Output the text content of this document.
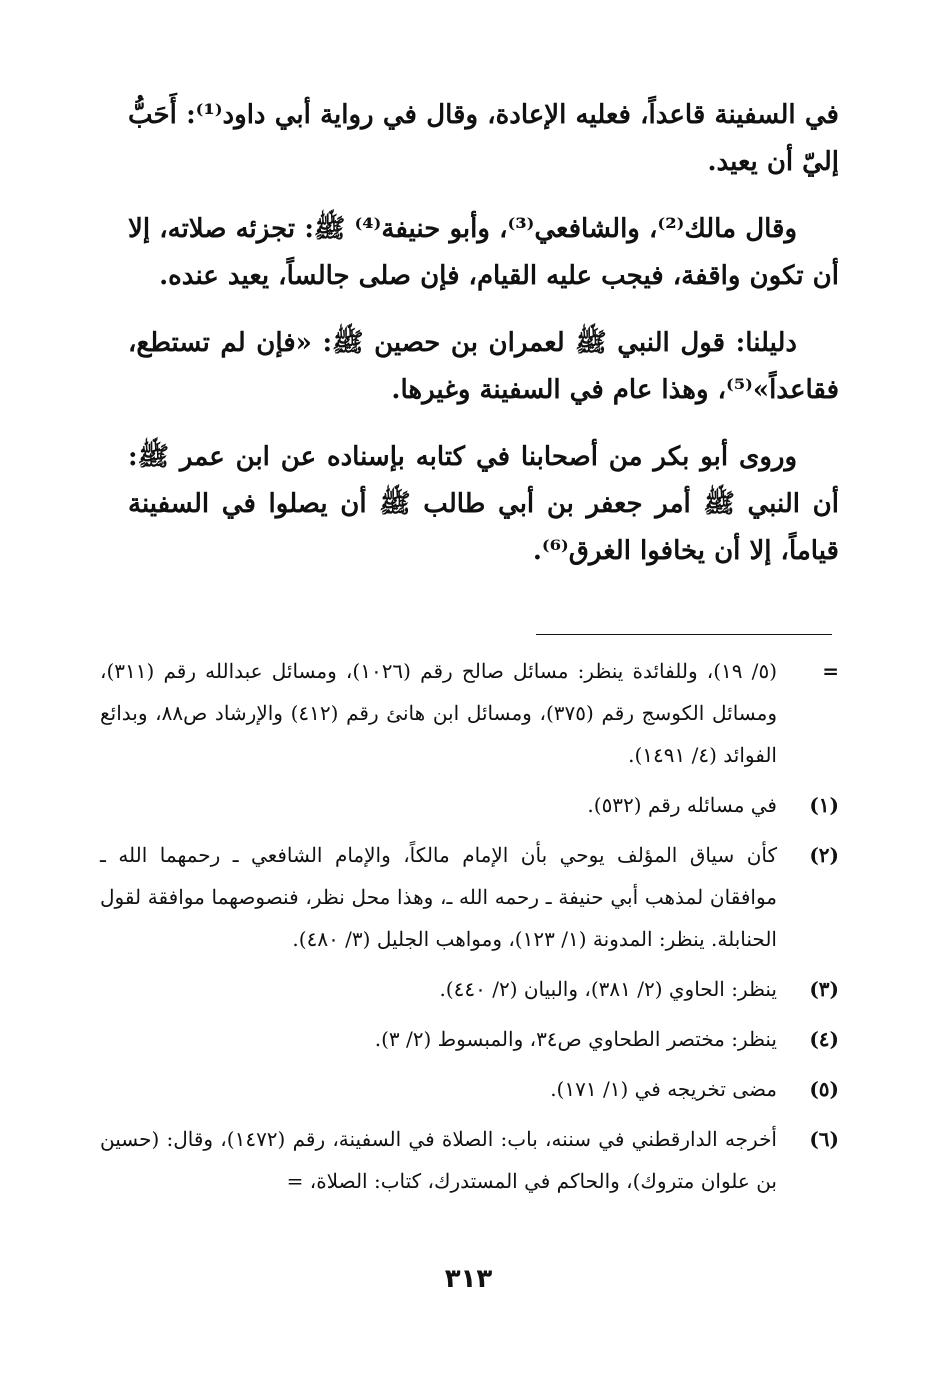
في السفينة قاعداً، فعليه الإعادة، وقال في رواية أبي داود⁽¹⁾: أَحَبُّ إليّ أن يعيد.

وقال مالك⁽²⁾، والشافعي⁽³⁾، وأبو حنيفة⁽⁴⁾ ﷺ: تجزئه صلاته، إلا أن تكون واقفة، فيجب عليه القيام، فإن صلى جالساً، يعيد عنده.

دليلنا: قول النبي ﷺ لعمران بن حصين ﷺ: «فإن لم تستطع، فقاعداً»⁽⁵⁾، وهذا عام في السفينة وغيرها.

وروى أبو بكر من أصحابنا في كتابه بإسناده عن ابن عمر ﷺ: أن النبي ﷺ أمر جعفر بن أبي طالب ﷺ أن يصلوا في السفينة قياماً، إلا أن يخافوا الغرق⁽⁶⁾.

=
(٥/ ١٩)، وللفائدة ينظر: مسائل صالح رقم (١٠٢٦)، ومسائل عبدالله رقم (٣١١)، ومسائل الكوسج رقم (٣٧٥)، ومسائل ابن هانئ رقم (٤١٢) والإرشاد ص٨٨، وبدائع الفوائد (٤/ ١٤٩١).
(١)
في مسائله رقم (٥٣٢).
(٢)
كأن سياق المؤلف يوحي بأن الإمام مالكاً، والإمام الشافعي ـ رحمهما الله ـ موافقان لمذهب أبي حنيفة ـ رحمه الله ـ، وهذا محل نظر، فنصوصهما موافقة لقول الحنابلة. ينظر: المدونة (١/ ١٢٣)، ومواهب الجليل (٣/ ٤٨٠).
(٣)
ينظر: الحاوي (٢/ ٣٨١)، والبيان (٢/ ٤٤٠).
(٤)
ينظر: مختصر الطحاوي ص٣٤، والمبسوط (٢/ ٣).
(٥)
مضى تخريجه في (١/ ١٧١).
(٦)
أخرجه الدارقطني في سننه، باب: الصلاة في السفينة، رقم (١٤٧٢)، وقال: (حسين بن علوان متروك)، والحاكم في المستدرك، كتاب: الصلاة، =
٣١٣
